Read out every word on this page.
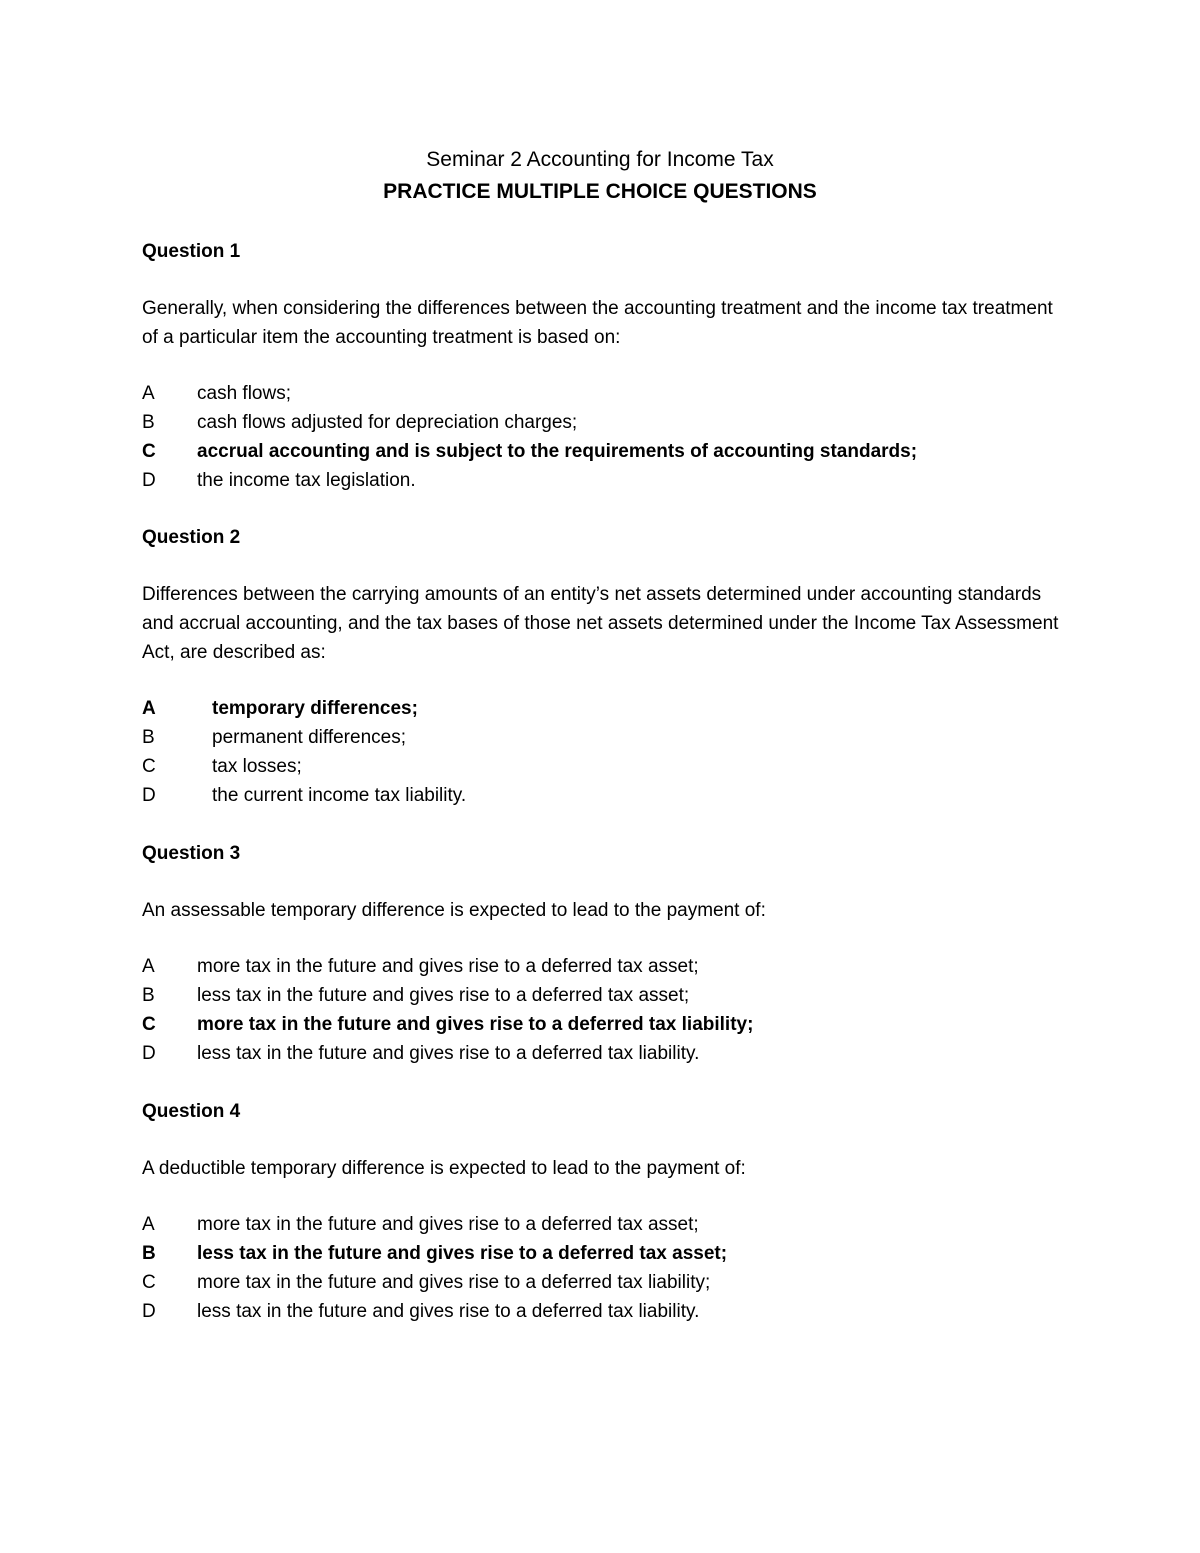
Seminar 2 Accounting for Income Tax

PRACTICE MULTIPLE CHOICE QUESTIONS

Question 1

Generally, when considering the differences between the accounting treatment and the income tax treatment of a particular item the accounting treatment is based on:

A	cash flows;
B	cash flows adjusted for depreciation charges;
C	accrual accounting and is subject to the requirements of accounting standards;
D	the income tax legislation.

Question 2

Differences between the carrying amounts of an entity’s net assets determined under accounting standards and accrual accounting, and the tax bases of those net assets determined under the Income Tax Assessment Act, are described as:

A	temporary differences;
B	permanent differences;
C	tax losses;
D	the current income tax liability.

Question 3

An assessable temporary difference is expected to lead to the payment of:

A	more tax in the future and gives rise to a deferred tax asset;
B	less tax in the future and gives rise to a deferred tax asset;
C	more tax in the future and gives rise to a deferred tax liability;
D	less tax in the future and gives rise to a deferred tax liability.

Question 4

A deductible temporary difference is expected to lead to the payment of:

A	more tax in the future and gives rise to a deferred tax asset;
B	less tax in the future and gives rise to a deferred tax asset;
C	more tax in the future and gives rise to a deferred tax liability;
D	less tax in the future and gives rise to a deferred tax liability.
